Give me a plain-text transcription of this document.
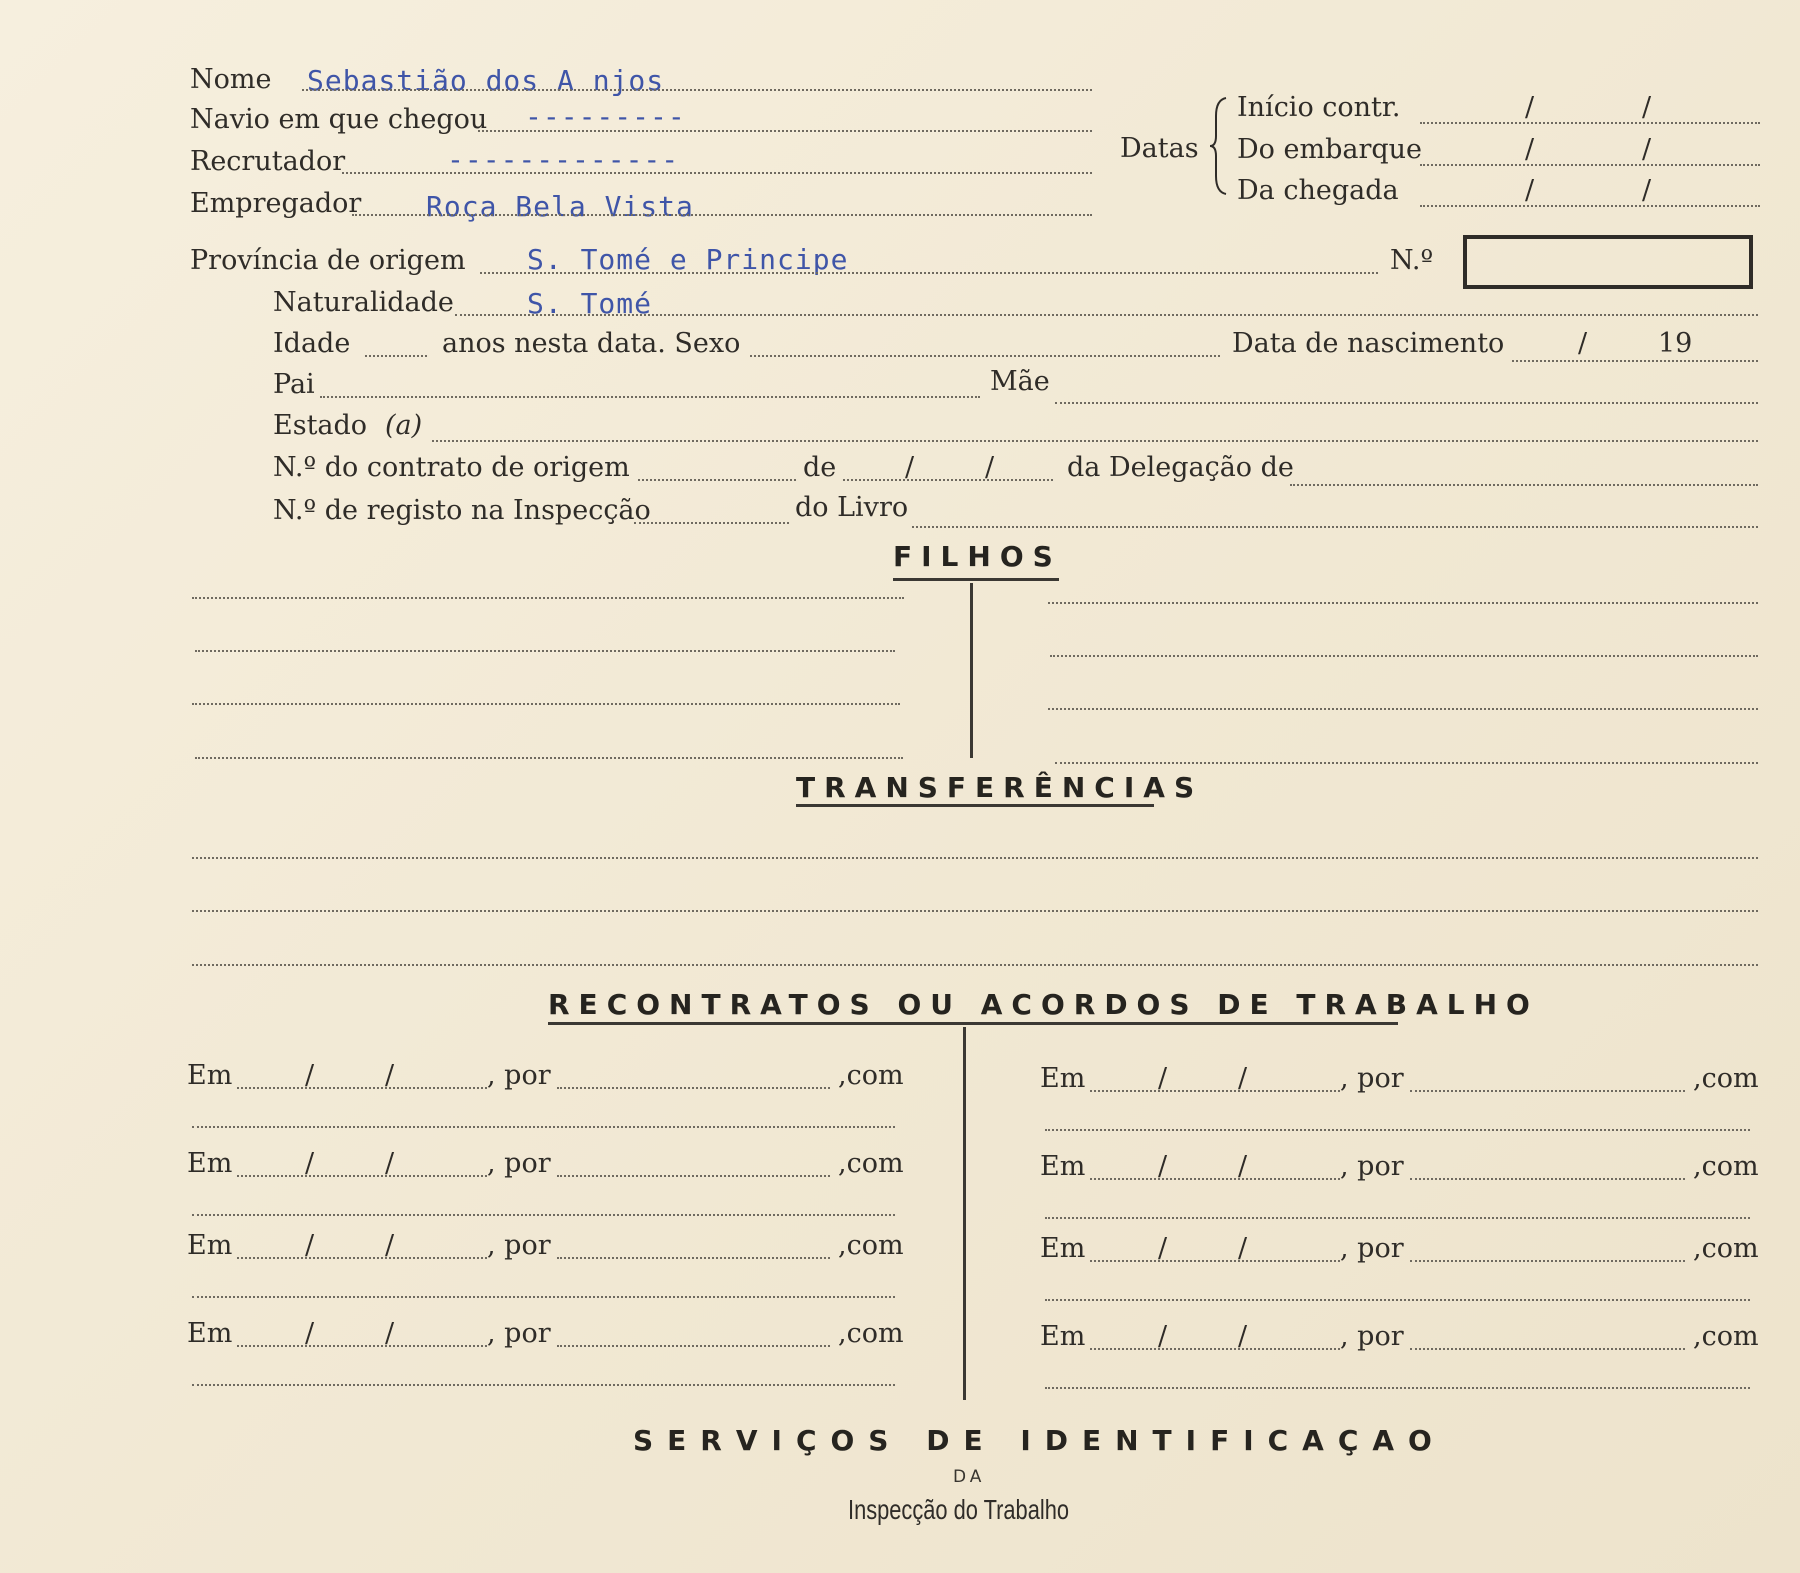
Nome Sebastião dos A njos
Navio em que chegou ---------
Recrutador	-------------
Empregador Roça Bela Vista
Datas
Início contr.	/	/
Do embarque	/	/
Da chegada	/	/
Província de origem S. Tomé e Principe	N.º
Naturalidade	S. Tomé
Idade	anos nesta data. Sexo	Data de nascimento	/	19
Pai	Mãe
Estado (a)
N.º do contrato de origem	de	/	/	da Delegação de
N.º de registo na Inspecção	do Livro
FILHOS
TRANSFERÊNCIAS
RECONTRATOS OU ACORDOS DE TRABALHO
Em	/	/	, por	,com	Em	/	/	, por	,com
Em	/	/	, por	,com	Em	/	/	, por	,com
Em	/	/	, por	,com	Em	/	/	, por	,com
Em	/	/	, por	,com	Em	/	/	, por	,com
SERVIÇOS DE IDENTIFICAÇAO
DA
Inspecção do Trabalho
